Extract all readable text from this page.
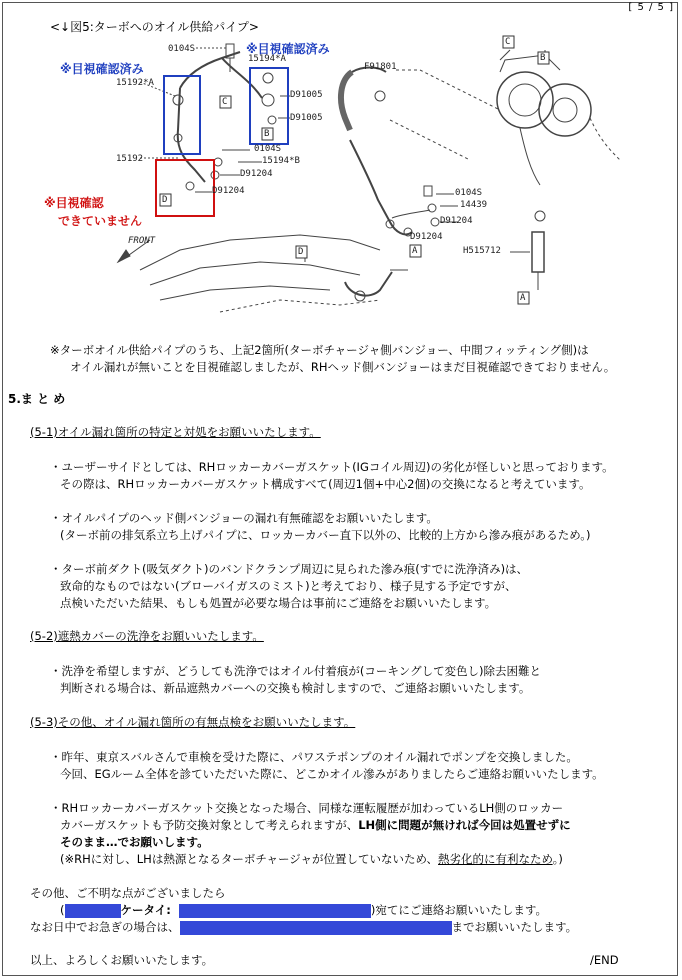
[ 5 / 5 ]
<↓図5:ターボへのオイル供給パイプ>
0104S
15194*A
15192*A
F91801
D91005
D91005
0104S
15192	15194*B
D91204
D91204	0104S
14439
D91204
D91204
H515712
FRONT
C
B
D
C
B
D	A
A
※目視確認済み
※目視確認済み
※目視確認
できていません
※ターボオイル供給パイプのうち、上記2箇所(ターボチャージャ側バンジョー、中間フィッティング側)は
オイル漏れが無いことを目視確認しましたが、RHヘッド側バンジョーはまだ目視確認できておりません。
5.ま と め
(5-1)オイル漏れ箇所の特定と対処をお願いいたします。
・ユーザーサイドとしては、RHロッカーカバーガスケット(IGコイル周辺)の劣化が怪しいと思っております。
その際は、RHロッカーカバーガスケット構成すべて(周辺1個+中心2個)の交換になると考えています。
・オイルパイプのヘッド側バンジョーの漏れ有無確認をお願いいたします。
(ターボ前の排気系立ち上げパイプに、ロッカーカバー直下以外の、比較的上方から滲み痕があるため。)
・ターボ前ダクト(吸気ダクト)のバンドクランプ周辺に見られた滲み痕(すでに洗浄済み)は、
致命的なものではない(ブローバイガスのミスト)と考えており、様子見する予定ですが、
点検いただいた結果、もしも処置が必要な場合は事前にご連絡をお願いいたします。
(5-2)遮熱カバーの洗浄をお願いいたします。
・洗浄を希望しますが、どうしても洗浄ではオイル付着痕が(コーキングして変色し)除去困難と
判断される場合は、新品遮熱カバーへの交換も検討しますので、ご連絡お願いいたします。
(5-3)その他、オイル漏れ箇所の有無点検をお願いいたします。
・昨年、東京スバルさんで車検を受けた際に、パワステポンプのオイル漏れでポンプを交換しました。
今回、EGルーム全体を診ていただいた際に、どこかオイル滲みがありましたらご連絡お願いいたします。
・RHロッカーカバーガスケット交換となった場合、同様な運転履歴が加わっているLH側のロッカー
カバーガスケットも予防交換対象として考えられますが、LH側に問題が無ければ今回は処置せずに
そのまま…でお願いします。
(※RHに対し、LHは熱源となるターボチャージャが位置していないため、熱劣化的に有利なため。)
その他、ご不明な点がございましたら
(	ケータイ:	)宛てにご連絡お願いいたします。
なお日中でお急ぎの場合は、	までお願いいたします。
/END
以上、よろしくお願いいたします。
